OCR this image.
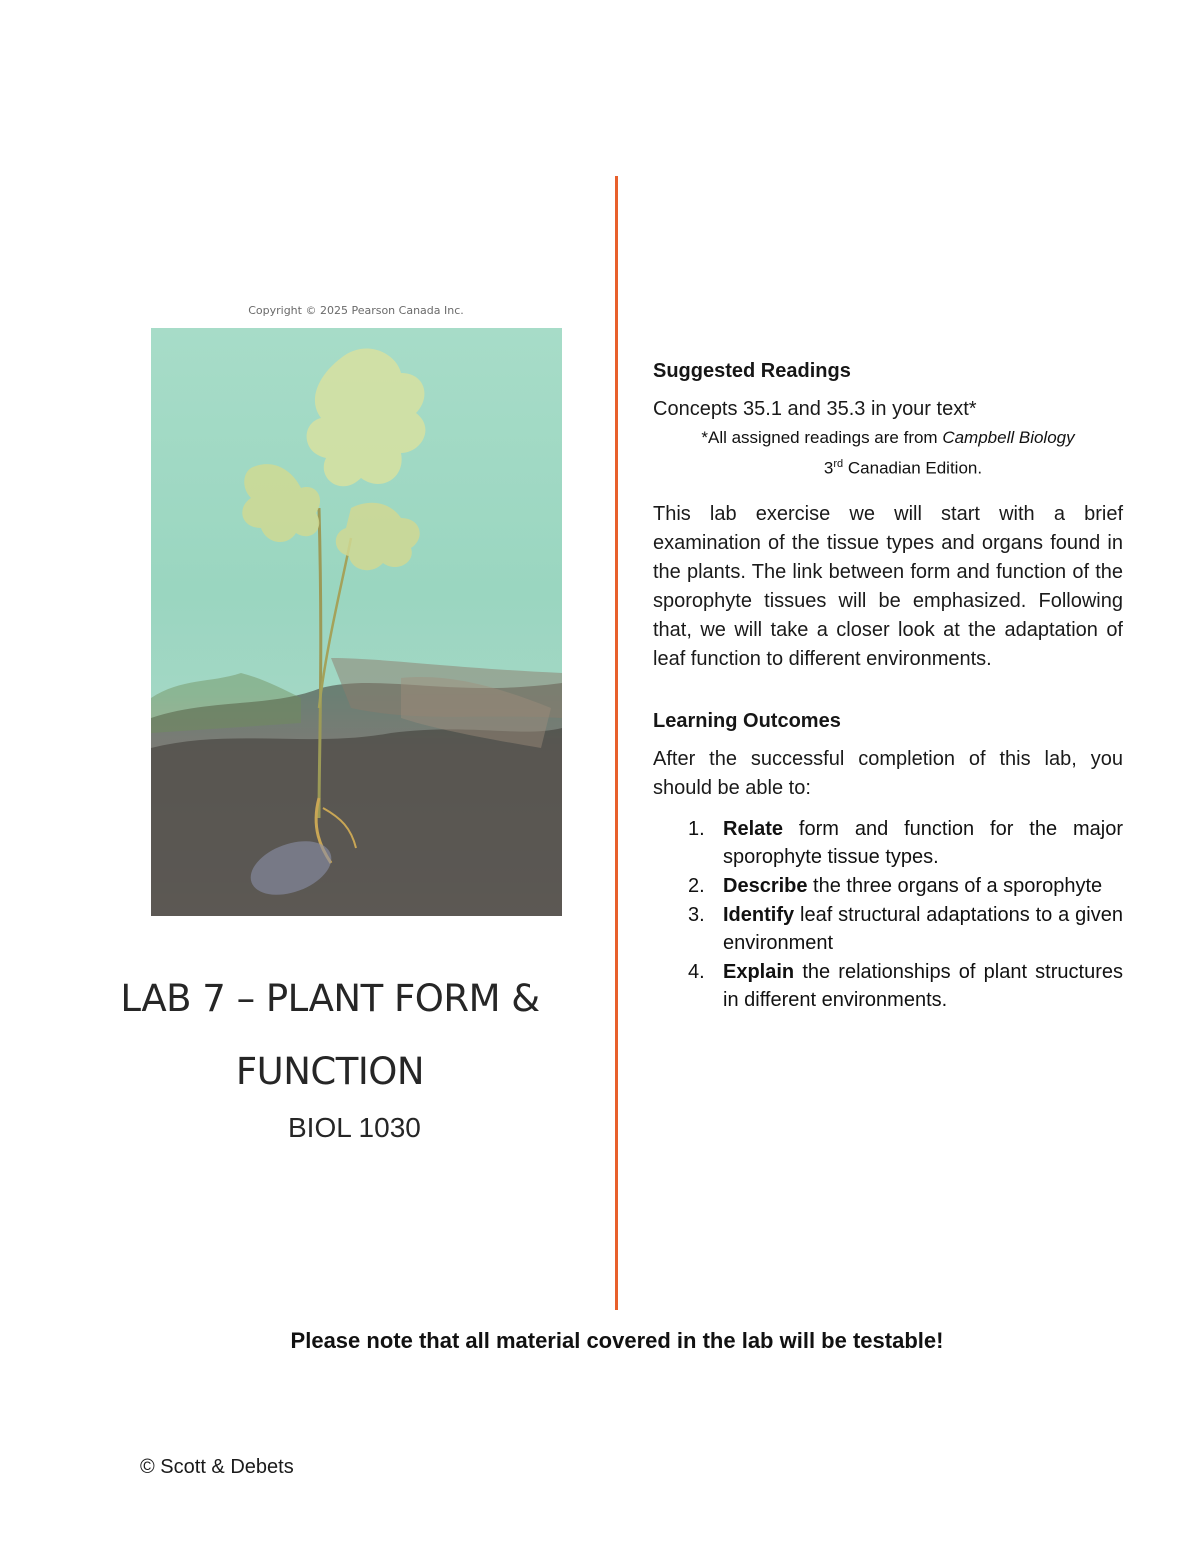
Copyright © 2025 Pearson Canada Inc.
LAB 7 – PLANT FORM &
FUNCTION
BIOL 1030
Suggested Readings
Concepts 35.1 and 35.3 in your text*
*All assigned readings are from Campbell Biology
3rd Canadian Edition.
This lab exercise we will start with a brief examination of the tissue types and organs found in the plants. The link between form and function of the sporophyte tissues will be emphasized. Following that, we will take a closer look at the adaptation of leaf function to different environments.
Learning Outcomes
After the successful completion of this lab, you should be able to:
1. Relate form and function for the major sporophyte tissue types.
2. Describe the three organs of a sporophyte
3. Identify leaf structural adaptations to a given environment
4. Explain the relationships of plant structures in different environments.
Please note that all material covered in the lab will be testable!
© Scott & Debets
